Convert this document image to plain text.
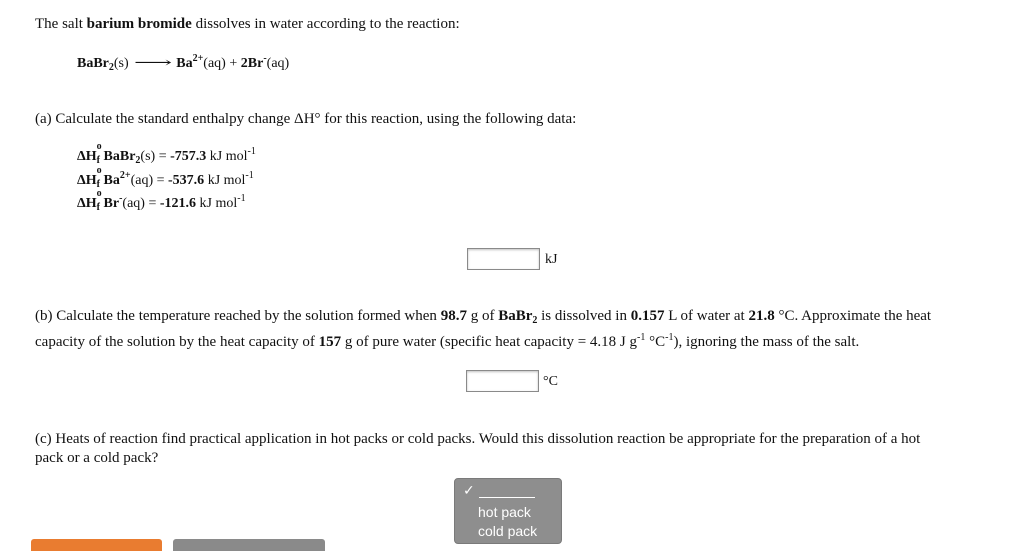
The salt barium bromide dissolves in water according to the reaction:
BaBr$_2$(s) ⟶ $Ba^{2+}(aq) + 2Br^-(aq)$
(a) Calculate the standard enthalpy change ΔH° for this reaction, using the following data:
$\Delta H_f$
o
BaBr$_2$(s) = -757.3 kJ mol$^{-1}$
$\Delta H_f$
o
$Ba^{2+}(aq) = -537.6$ kJ mol$^{-1}$
$\Delta H_f$
o
Br-(aq) = -121.6 kJ mol$^{-1}$
kJ
(b) Calculate the temperature reached by the solution formed when 98.7 g of BaBr$_2$ is dissolved in 0.157 L of water at 21.8 °C. Approximate the heat
capacity of the solution by the heat capacity of 157 g of pure water (specific heat capacity = 4.18 J $g^{-1}$ $^\circ C^{-1}$), ignoring the mass of the salt.
°C
(c) Heats of reaction find practical application in hot packs or cold packs. Would this dissolution reaction be appropriate for the preparation of a hot
pack or a cold pack?
✓
hot pack
cold pack
